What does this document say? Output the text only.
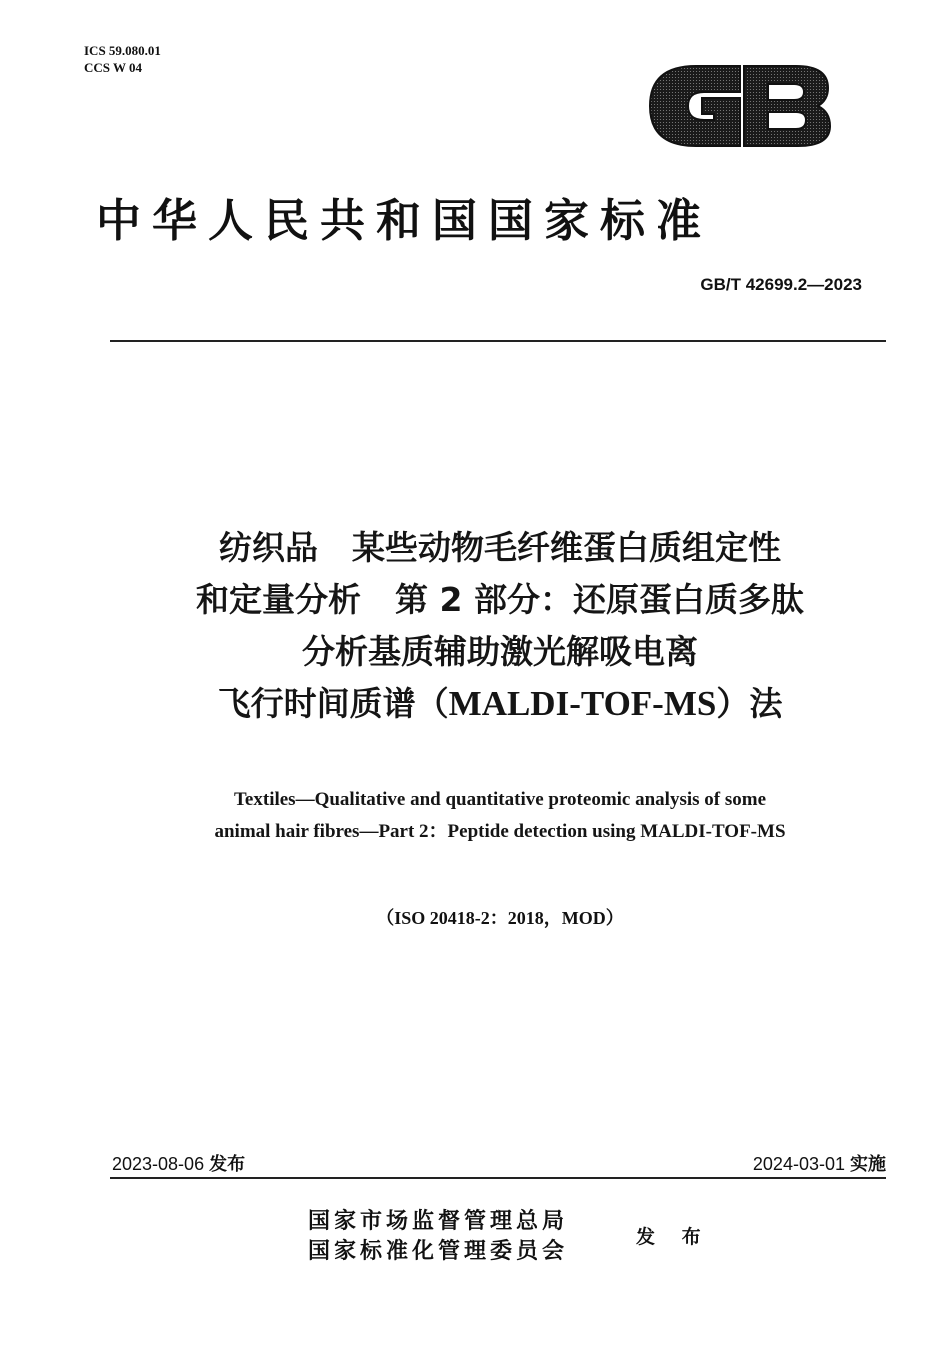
ICS 59.080.01
CCS W 04
中华人民共和国国家标准
GB/T 42699.2—2023
纺织品 某些动物毛纤维蛋白质组定性
和定量分析 第 2 部分：还原蛋白质多肽
分析基质辅助激光解吸电离
飞行时间质谱（MALDI-TOF-MS）法
Textiles—Qualitative and quantitative proteomic analysis of some
animal hair fibres—Part 2：Peptide detection using MALDI-TOF-MS
（ISO 20418-2：2018，MOD）
2023-08-06 发布	2024-03-01 实施
国家市场监督管理总局
国家标准化管理委员会
发 布
